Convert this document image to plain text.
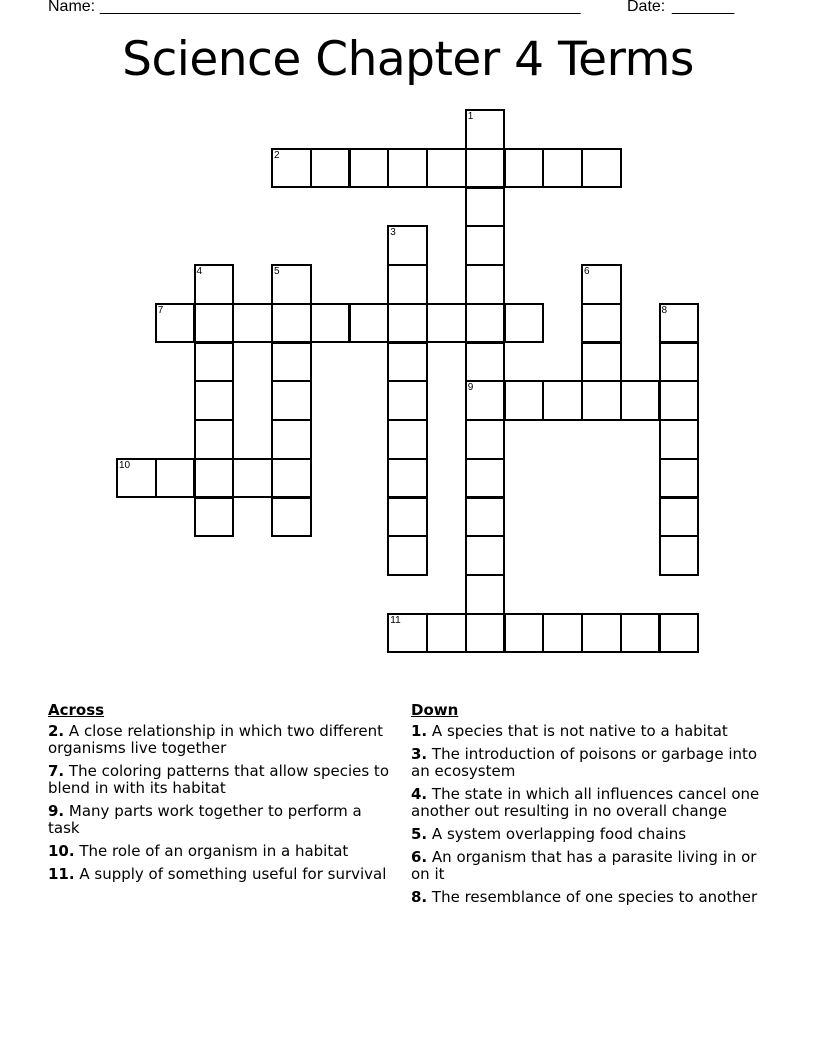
Name:

______________________________________________________

	Date:

_______

Science Chapter 4 Terms
1
9
2
3
4	5	6
7	8
10
11
Across
2. A close relationship in which two different organisms live together
7. The coloring patterns that allow species to blend in with its habitat
9. Many parts work together to perform a task
10. The role of an organism in a habitat
11. A supply of something useful for survival
Down
1. A species that is not native to a habitat
3. The introduction of poisons or garbage into an ecosystem
4. The state in which all influences cancel one another out resulting in no overall change
5. A system overlapping food chains
6. An organism that has a parasite living in or on it
8. The resemblance of one species to another
